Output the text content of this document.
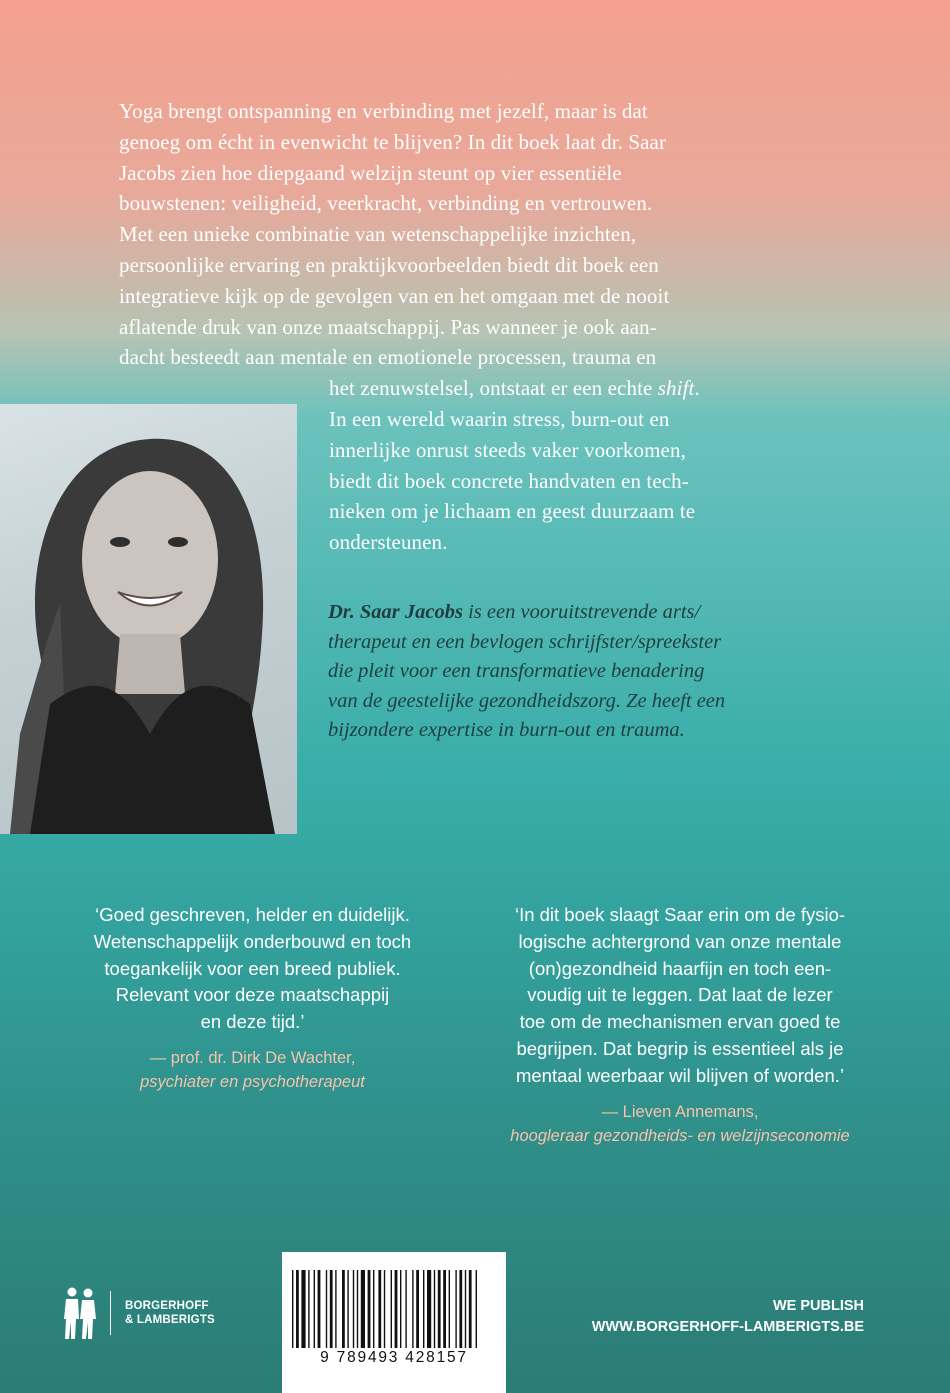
Yoga brengt ontspanning en verbinding met jezelf, maar is dat
genoeg om écht in evenwicht te blijven? In dit boek laat dr. Saar
Jacobs zien hoe diepgaand welzijn steunt op vier essentiële
bouwstenen: veiligheid, veerkracht, verbinding en vertrouwen.
Met een unieke combinatie van wetenschappelijke inzichten,
persoonlijke ervaring en praktijkvoorbeelden biedt dit boek een
integratieve kijk op de gevolgen van en het omgaan met de nooit
aflatende druk van onze maatschappij. Pas wanneer je ook aan-
dacht besteedt aan mentale en emotionele processen, trauma en
het zenuwstelsel, ontstaat er een echte shift.
In een wereld waarin stress, burn-out en
innerlijke onrust steeds vaker voorkomen,
biedt dit boek concrete handvaten en tech-
nieken om je lichaam en geest duurzaam te
ondersteunen.
Dr. Saar Jacobs is een vooruitstrevende arts/
therapeut en een bevlogen schrijfster/spreekster
die pleit voor een transformatieve benadering
van de geestelijke gezondheidszorg. Ze heeft een
bijzondere expertise in burn-out en trauma.
‘Goed geschreven, helder en duidelijk.
Wetenschappelijk onderbouwd en toch
toegankelijk voor een breed publiek.
Relevant voor deze maatschappij
en deze tijd.’
— prof. dr. Dirk De Wachter,
psychiater en psychotherapeut
‘In dit boek slaagt Saar erin om de fysio-
logische achtergrond van onze mentale
(on)gezondheid haarfijn en toch een-
voudig uit te leggen. Dat laat de lezer
toe om de mechanismen ervan goed te
begrijpen. Dat begrip is essentieel als je
mentaal weerbaar wil blijven of worden.’
— Lieven Annemans,
hoogleraar gezondheids- en welzijnseconomie
BORGERHOFF
& LAMBERIGTS
9 789493 428157
WE PUBLISH
WWW.BORGERHOFF-LAMBERIGTS.BE
